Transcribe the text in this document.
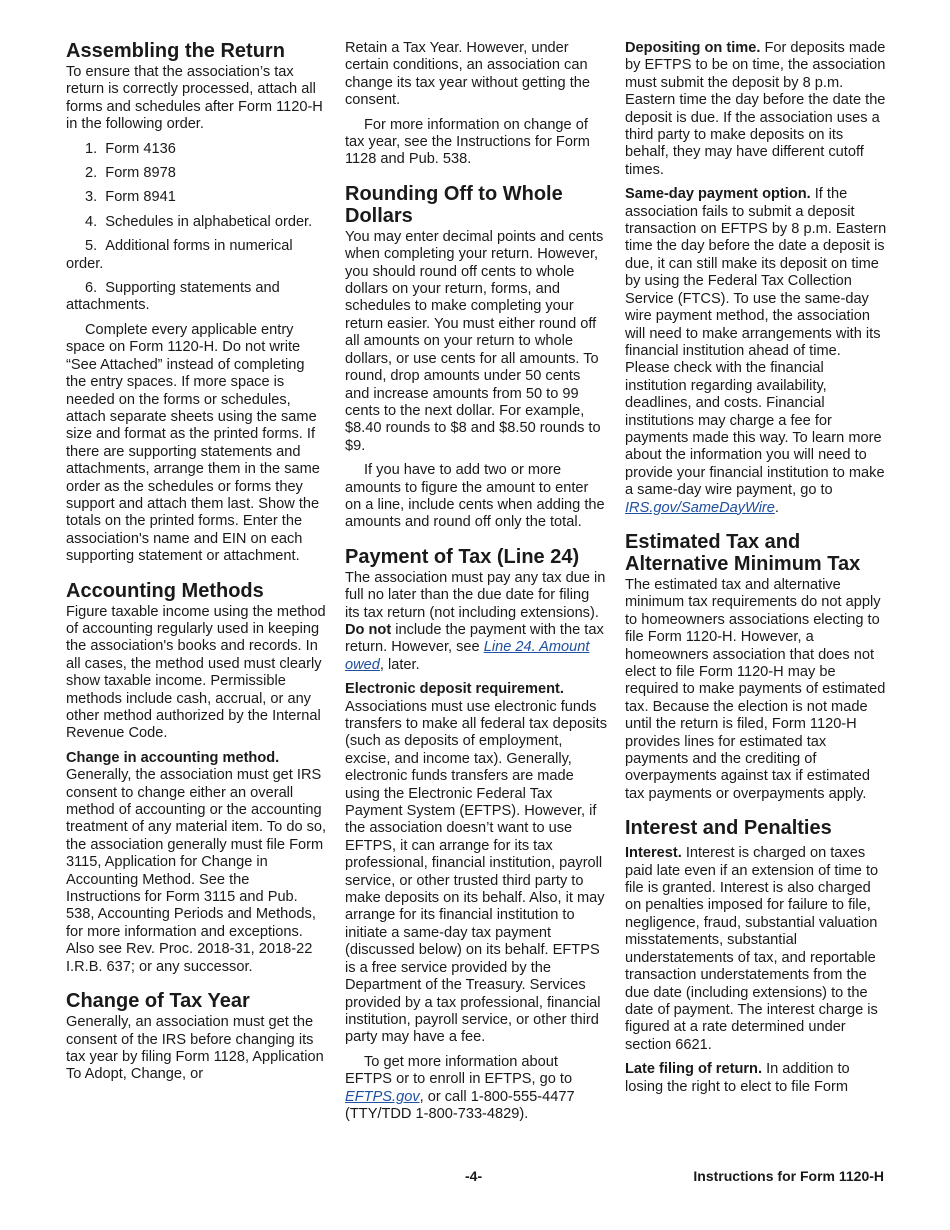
Assembling the Return

To ensure that the association’s tax return is correctly processed, attach all forms and schedules after Form 1120-H in the following order.

1. Form 4136
2. Form 8978
3. Form 8941
4. Schedules in alphabetical order.
5. Additional forms in numerical order.
6. Supporting statements and attachments.

Complete every applicable entry space on Form 1120-H. Do not write “See Attached” instead of completing the entry spaces. If more space is needed on the forms or schedules, attach separate sheets using the same size and format as the printed forms. If there are supporting statements and attachments, arrange them in the same order as the schedules or forms they support and attach them last. Show the totals on the printed forms. Enter the association's name and EIN on each supporting statement or attachment.

Accounting Methods

Figure taxable income using the method of accounting regularly used in keeping the association's books and records. In all cases, the method used must clearly show taxable income. Permissible methods include cash, accrual, or any other method authorized by the Internal Revenue Code.

Change in accounting method.
Generally, the association must get IRS consent to change either an overall method of accounting or the accounting treatment of any material item. To do so, the association generally must file Form 3115, Application for Change in Accounting Method. See the Instructions for Form 3115 and Pub. 538, Accounting Periods and Methods, for more information and exceptions. Also see Rev. Proc. 2018-31, 2018-22 I.R.B. 637; or any successor.

Change of Tax Year

Generally, an association must get the consent of the IRS before changing its tax year by filing Form 1128, Application To Adopt, Change, or

Retain a Tax Year. However, under certain conditions, an association can change its tax year without getting the consent.

For more information on change of tax year, see the Instructions for Form 1128 and Pub. 538.

Rounding Off to Whole Dollars

You may enter decimal points and cents when completing your return. However, you should round off cents to whole dollars on your return, forms, and schedules to make completing your return easier. You must either round off all amounts on your return to whole dollars, or use cents for all amounts. To round, drop amounts under 50 cents and increase amounts from 50 to 99 cents to the next dollar. For example, $8.40 rounds to $8 and $8.50 rounds to $9.

If you have to add two or more amounts to figure the amount to enter on a line, include cents when adding the amounts and round off only the total.

Payment of Tax (Line 24)

The association must pay any tax due in full no later than the due date for filing its tax return (not including extensions). Do not include the payment with the tax return. However, see Line 24. Amount owed, later.

Electronic deposit requirement.
Associations must use electronic funds transfers to make all federal tax deposits (such as deposits of employment, excise, and income tax). Generally, electronic funds transfers are made using the Electronic Federal Tax Payment System (EFTPS). However, if the association doesn’t want to use EFTPS, it can arrange for its tax professional, financial institution, payroll service, or other trusted third party to make deposits on its behalf. Also, it may arrange for its financial institution to initiate a same-day tax payment (discussed below) on its behalf. EFTPS is a free service provided by the Department of the Treasury. Services provided by a tax professional, financial institution, payroll service, or other third party may have a fee.

To get more information about EFTPS or to enroll in EFTPS, go to EFTPS.gov, or call 1-800-555-4477 (TTY/TDD 1-800-733-4829).

Depositing on time. For deposits made by EFTPS to be on time, the association must submit the deposit by 8 p.m. Eastern time the day before the date the deposit is due. If the association uses a third party to make deposits on its behalf, they may have different cutoff times.

Same-day payment option. If the association fails to submit a deposit transaction on EFTPS by 8 p.m. Eastern time the day before the date a deposit is due, it can still make its deposit on time by using the Federal Tax Collection Service (FTCS). To use the same-day wire payment method, the association will need to make arrangements with its financial institution ahead of time. Please check with the financial institution regarding availability, deadlines, and costs. Financial institutions may charge a fee for payments made this way. To learn more about the information you will need to provide your financial institution to make a same-day wire payment, go to IRS.gov/SameDayWire.

Estimated Tax and Alternative Minimum Tax

The estimated tax and alternative minimum tax requirements do not apply to homeowners associations electing to file Form 1120-H. However, a homeowners association that does not elect to file Form 1120-H may be required to make payments of estimated tax. Because the election is not made until the return is filed, Form 1120-H provides lines for estimated tax payments and the crediting of overpayments against tax if estimated tax payments or overpayments apply.

Interest and Penalties

Interest. Interest is charged on taxes paid late even if an extension of time to file is granted. Interest is also charged on penalties imposed for failure to file, negligence, fraud, substantial valuation misstatements, substantial understatements of tax, and reportable transaction understatements from the due date (including extensions) to the date of payment. The interest charge is figured at a rate determined under section 6621.

Late filing of return. In addition to losing the right to elect to file Form

-4-	Instructions for Form 1120-H
